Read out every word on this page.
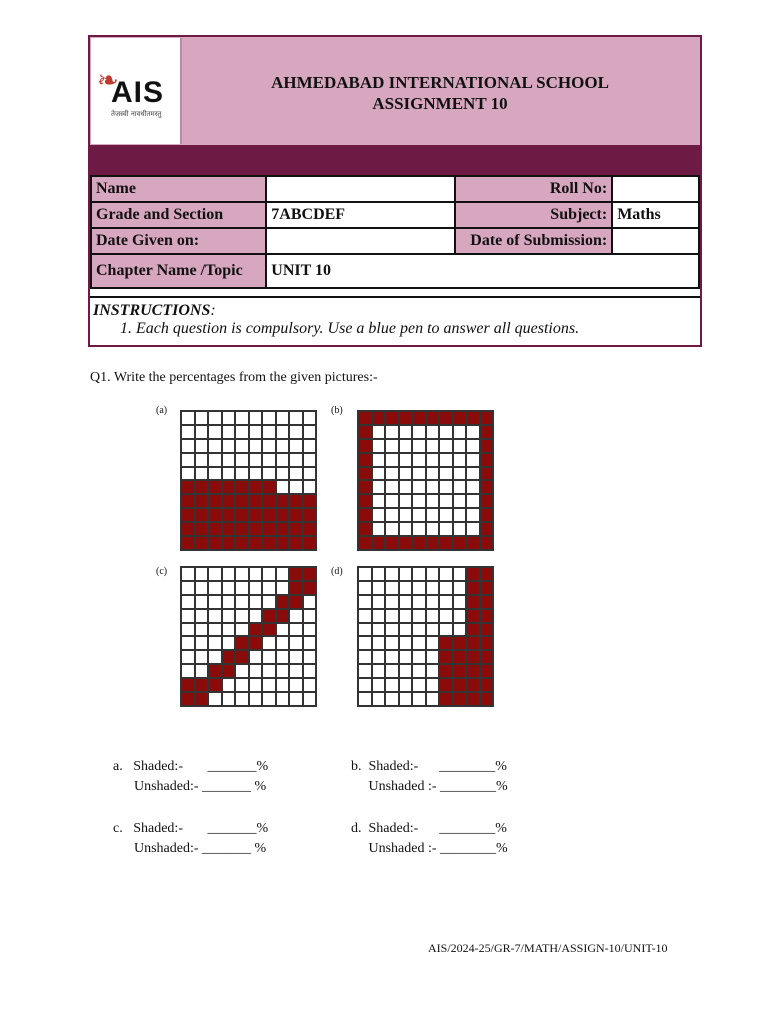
❧
AIS
तेजस्वी नावधीतमस्तु
AHMEDABAD INTERNATIONAL SCHOOL
ASSIGNMENT 10
Name		Roll No:	
Grade and Section	7ABCDEF	Subject:	Maths
Date Given on:		Date of Submission:	
Chapter Name /Topic	UNIT 10		
INSTRUCTIONS:
1. Each question is compulsory. Use a blue pen to answer all questions.
Q1. Write the percentages from the given pictures:-
(a)	(b)
(c)	(d)
a.   Shaded:-       _______%
Unshaded:- _______ %
b.  Shaded:-      ________%
Unshaded :- ________%
c.   Shaded:-       _______%
Unshaded:- _______ %
d.  Shaded:-      ________%
Unshaded :- ________%
AIS/2024-25/GR-7/MATH/ASSIGN-10/UNIT-10
